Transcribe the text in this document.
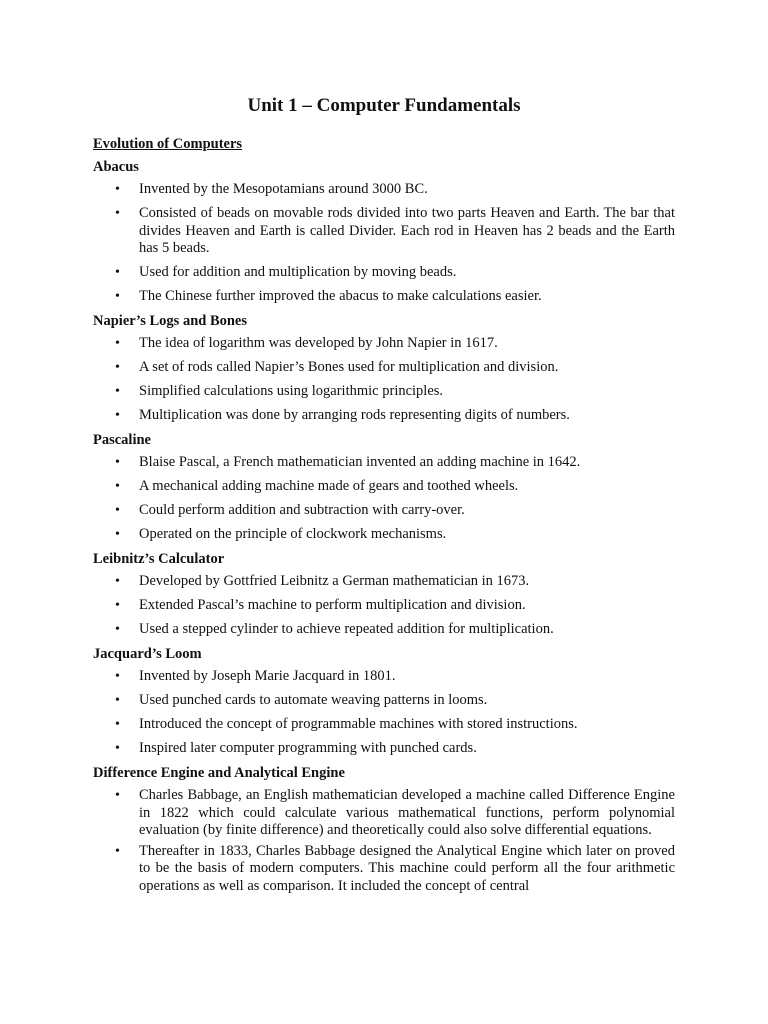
Unit 1 – Computer Fundamentals
Evolution of Computers
Abacus
• Invented by the Mesopotamians around 3000 BC.
• Consisted of beads on movable rods divided into two parts Heaven and Earth. The bar that divides Heaven and Earth is called Divider. Each rod in Heaven has 2 beads and the Earth has 5 beads.
• Used for addition and multiplication by moving beads.
• The Chinese further improved the abacus to make calculations easier.
Napier’s Logs and Bones
• The idea of logarithm was developed by John Napier in 1617.
• A set of rods called Napier’s Bones used for multiplication and division.
• Simplified calculations using logarithmic principles.
• Multiplication was done by arranging rods representing digits of numbers.
Pascaline
• Blaise Pascal, a French mathematician invented an adding machine in 1642.
• A mechanical adding machine made of gears and toothed wheels.
• Could perform addition and subtraction with carry-over.
• Operated on the principle of clockwork mechanisms.
Leibnitz’s Calculator
• Developed by Gottfried Leibnitz a German mathematician in 1673.
• Extended Pascal’s machine to perform multiplication and division.
• Used a stepped cylinder to achieve repeated addition for multiplication.
Jacquard’s Loom
• Invented by Joseph Marie Jacquard in 1801.
• Used punched cards to automate weaving patterns in looms.
• Introduced the concept of programmable machines with stored instructions.
• Inspired later computer programming with punched cards.
Difference Engine and Analytical Engine
• Charles Babbage, an English mathematician developed a machine called Difference Engine in 1822 which could calculate various mathematical functions, perform polynomial evaluation (by finite difference) and theoretically could also solve differential equations.
• Thereafter in 1833, Charles Babbage designed the Analytical Engine which later on proved to be the basis of modern computers. This machine could perform all the four arithmetic operations as well as comparison. It included the concept of central
